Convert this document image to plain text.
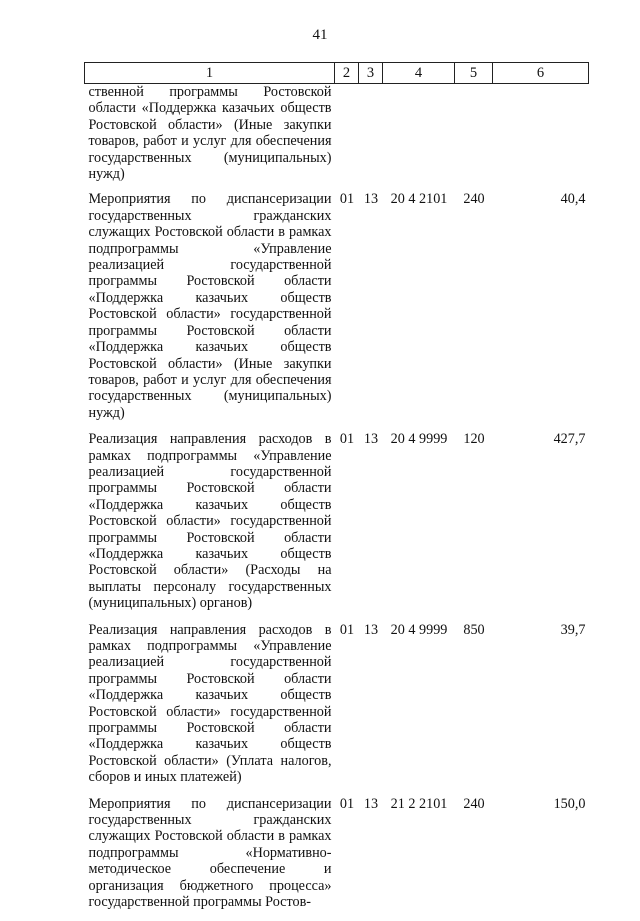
41
1	2	3	4	5	6
ственной программы Ростовской области «Поддержка казачьих обществ Ростовской области» (Иные закупки товаров, работ и услуг для обеспечения государственных (муниципальных) нужд)					
Мероприятия по диспансеризации государственных гражданских служащих Ростовской области в рамках подпрограммы «Управление реализацией государственной программы Ростовской области «Поддержка казачьих обществ Ростовской области» государственной программы Ростовской области «Поддержка казачьих обществ Ростовской области» (Иные закупки товаров, работ и услуг для обеспечения государственных (муниципальных) нужд)	01	13	20 4 2101	240	40,4
Реализация направления расходов в рамках подпрограммы «Управление реализацией государственной программы Ростовской области «Поддержка казачьих обществ Ростовской области» государственной программы Ростовской области «Поддержка казачьих обществ Ростовской области» (Расходы на выплаты персоналу государственных (муниципальных) органов)	01	13	20 4 9999	120	427,7
Реализация направления расходов в рамках подпрограммы «Управление реализацией государственной программы Ростовской области «Поддержка казачьих обществ Ростовской области» государственной программы Ростовской области «Поддержка казачьих обществ Ростовской области» (Уплата налогов, сборов и иных платежей)	01	13	20 4 9999	850	39,7
Мероприятия по диспансеризации государственных гражданских служащих Ростовской области в рамках подпрограммы «Нормативно-методическое обеспечение и организация бюджетного процесса» государственной программы Ростов-	01	13	21 2 2101	240	150,0
